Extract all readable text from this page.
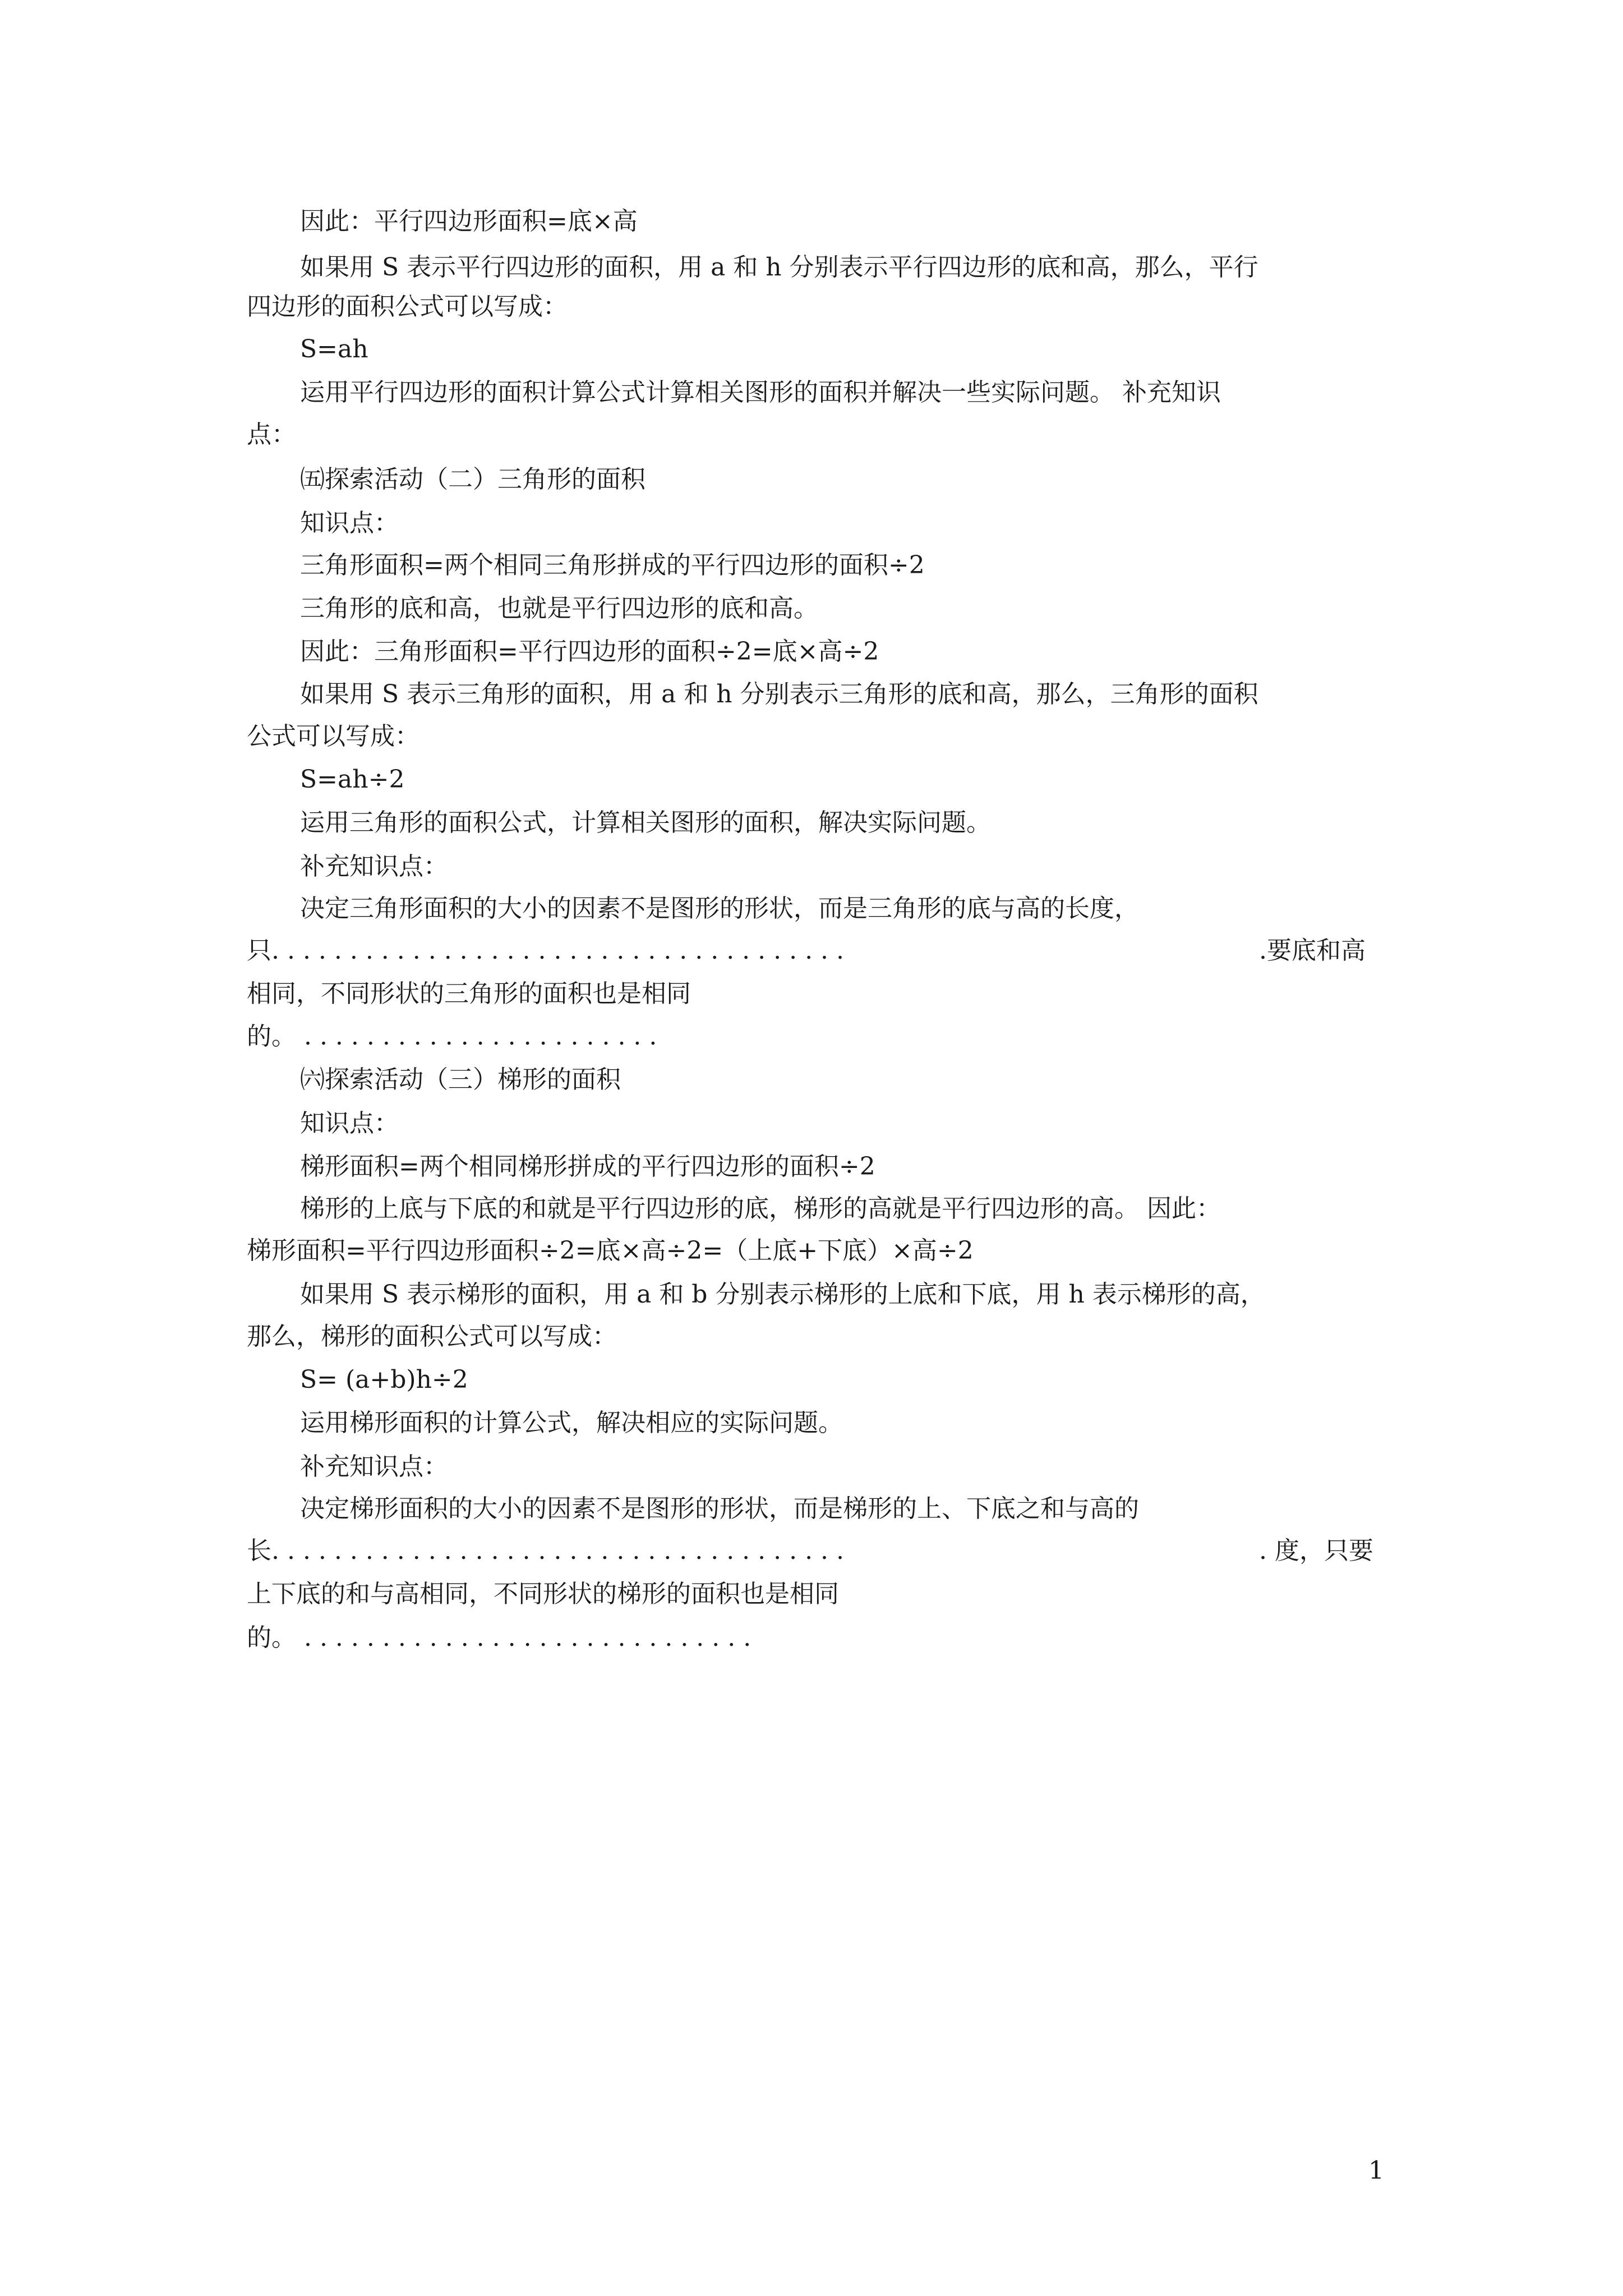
因此：平行四边形面积=底×高
如果用 S 表示平行四边形的面积，用 a 和 h 分别表示平行四边形的底和高，那么，平行
四边形的面积公式可以写成：
S=ah
运用平行四边形的面积计算公式计算相关图形的面积并解决一些实际问题。 补充知识
点：
㈤探索活动（二）三角形的面积
知识点：
三角形面积=两个相同三角形拼成的平行四边形的面积÷2
三角形的底和高，也就是平行四边形的底和高。
因此：三角形面积=平行四边形的面积÷2=底×高÷2
如果用 S 表示三角形的面积，用 a 和 h 分别表示三角形的底和高，那么，三角形的面积
公式可以写成：
S=ah÷2
运用三角形的面积公式，计算相关图形的面积，解决实际问题。
补充知识点：
决定三角形面积的大小的因素不是图形的形状，而是三角形的底与高的长度，
只. . . . . . . . . . . . . . . . . . . . . . . . . . . . . . . . . . . . .	.要底和高
相同，不同形状的三角形的面积也是相同
的。 . . . . . . . . . . . . . . . . . . . . . . .
㈥探索活动（三）梯形的面积
知识点：
梯形面积=两个相同梯形拼成的平行四边形的面积÷2
梯形的上底与下底的和就是平行四边形的底，梯形的高就是平行四边形的高。 因此：
梯形面积=平行四边形面积÷2=底×高÷2=（上底+下底）×高÷2
如果用 S 表示梯形的面积，用 a 和 b 分别表示梯形的上底和下底，用 h 表示梯形的高，
那么，梯形的面积公式可以写成：
S= (a+b)h÷2
运用梯形面积的计算公式，解决相应的实际问题。
补充知识点：
决定梯形面积的大小的因素不是图形的形状，而是梯形的上、下底之和与高的
长. . . . . . . . . . . . . . . . . . . . . . . . . . . . . . . . . . . . .	. 度，只要
上下底的和与高相同，不同形状的梯形的面积也是相同
的。 . . . . . . . . . . . . . . . . . . . . . . . . . . . . .
1
